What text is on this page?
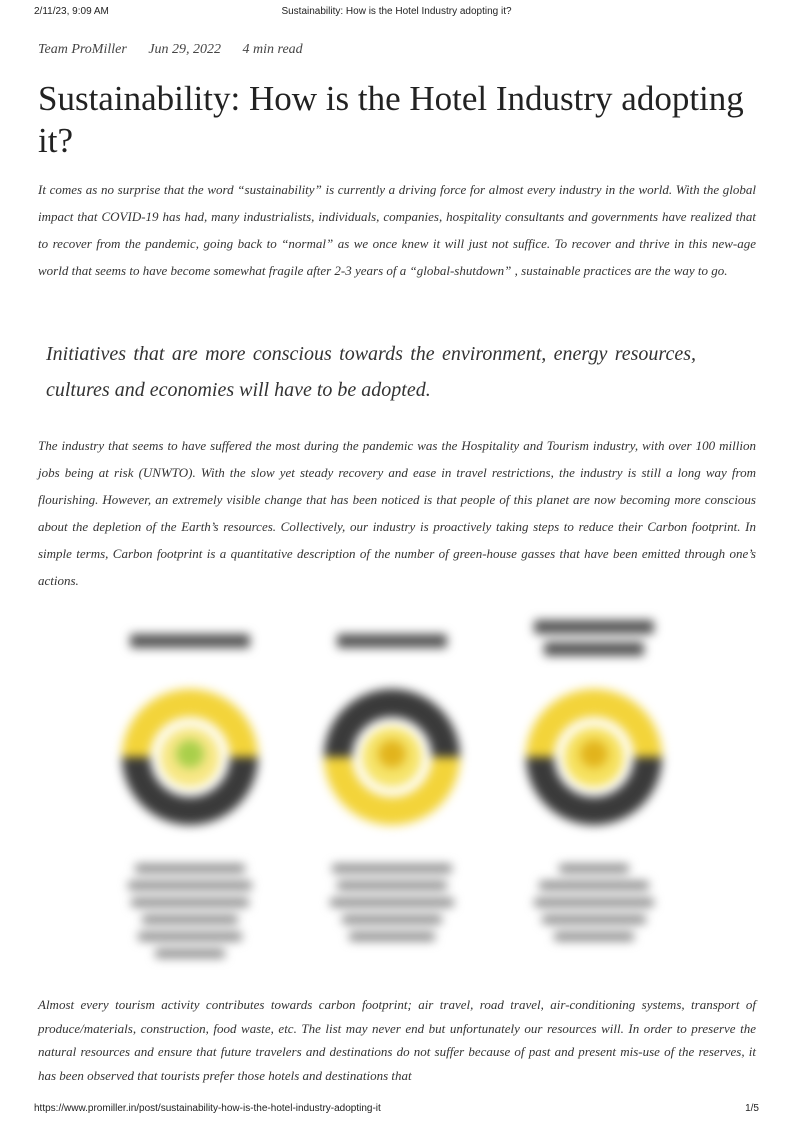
2/11/23, 9:09 AM	Sustainability: How is the Hotel Industry adopting it?
Team ProMiller Jun 29, 2022 4 min read
Sustainability: How is the Hotel Industry adopting it?

It comes as no surprise that the word “sustainability” is currently a driving force for almost every industry in the world. With the global impact that COVID-19 has had, many industrialists, individuals, companies, hospitality consultants and governments have realized that to recover from the pandemic, going back to “normal” as we once knew it will just not suffice. To recover and thrive in this new-age world that seems to have become somewhat fragile after 2-3 years of a “global-shutdown” , sustainable practices are the way to go.

Initiatives that are more conscious towards the environment, energy resources, cultures and economies will have to be adopted.

The industry that seems to have suffered the most during the pandemic was the Hospitality and Tourism industry, with over 100 million jobs being at risk (UNWTO). With the slow yet steady recovery and ease in travel restrictions, the industry is still a long way from flourishing. However, an extremely visible change that has been noticed is that people of this planet are now becoming more conscious about the depletion of the Earth’s resources. Collectively, our industry is proactively taking steps to reduce their Carbon footprint. In simple terms, Carbon footprint is a quantitative description of the number of green-house gasses that have been emitted through one’s actions.

Almost every tourism activity contributes towards carbon footprint; air travel, road travel, air-conditioning systems, transport of produce/materials, construction, food waste, etc. The list may never end but unfortunately our resources will. In order to preserve the natural resources and ensure that future travelers and destinations do not suffer because of past and present mis-use of the reserves, it has been observed that tourists prefer those hotels and destinations that

https://www.promiller.in/post/sustainability-how-is-the-hotel-industry-adopting-it	1/5
